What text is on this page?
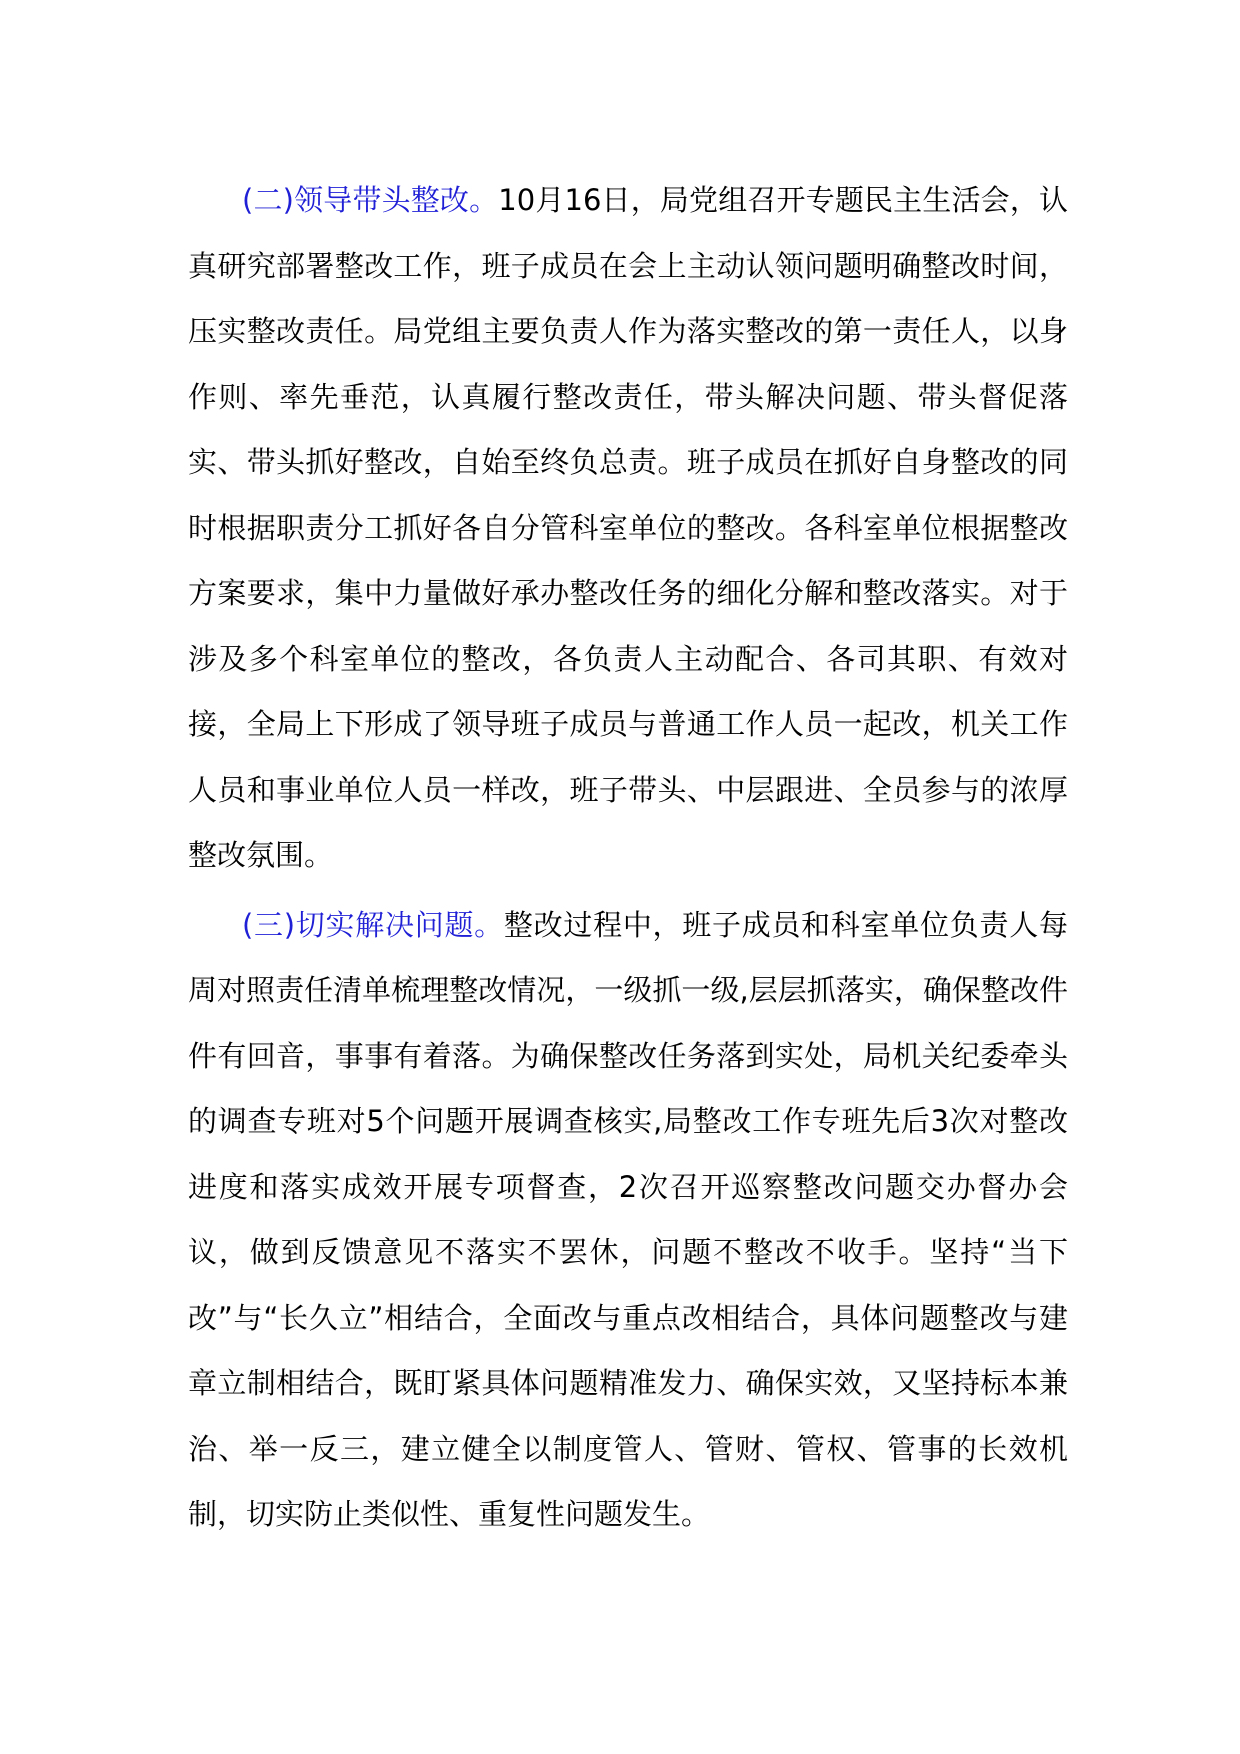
(二)领导带头整改。10月16日，局党组召开专题民主生活会，认真研究部署整改工作，班子成员在会上主动认领问题明确整改时间，压实整改责任。局党组主要负责人作为落实整改的第一责任人，以身作则、率先垂范，认真履行整改责任，带头解决问题、带头督促落实、带头抓好整改，自始至终负总责。班子成员在抓好自身整改的同时根据职责分工抓好各自分管科室单位的整改。各科室单位根据整改方案要求，集中力量做好承办整改任务的细化分解和整改落实。对于涉及多个科室单位的整改，各负责人主动配合、各司其职、有效对接，全局上下形成了领导班子成员与普通工作人员一起改，机关工作人员和事业单位人员一样改，班子带头、中层跟进、全员参与的浓厚整改氛围。

(三)切实解决问题。整改过程中，班子成员和科室单位负责人每周对照责任清单梳理整改情况，一级抓一级,层层抓落实，确保整改件件有回音，事事有着落。为确保整改任务落到实处，局机关纪委牵头的调查专班对5个问题开展调查核实,局整改工作专班先后3次对整改进度和落实成效开展专项督查，2次召开巡察整改问题交办督办会议，做到反馈意见不落实不罢休，问题不整改不收手。坚持“当下改”与“长久立”相结合，全面改与重点改相结合，具体问题整改与建章立制相结合，既盯紧具体问题精准发力、确保实效，又坚持标本兼治、举一反三，建立健全以制度管人、管财、管权、管事的长效机制，切实防止类似性、重复性问题发生。
